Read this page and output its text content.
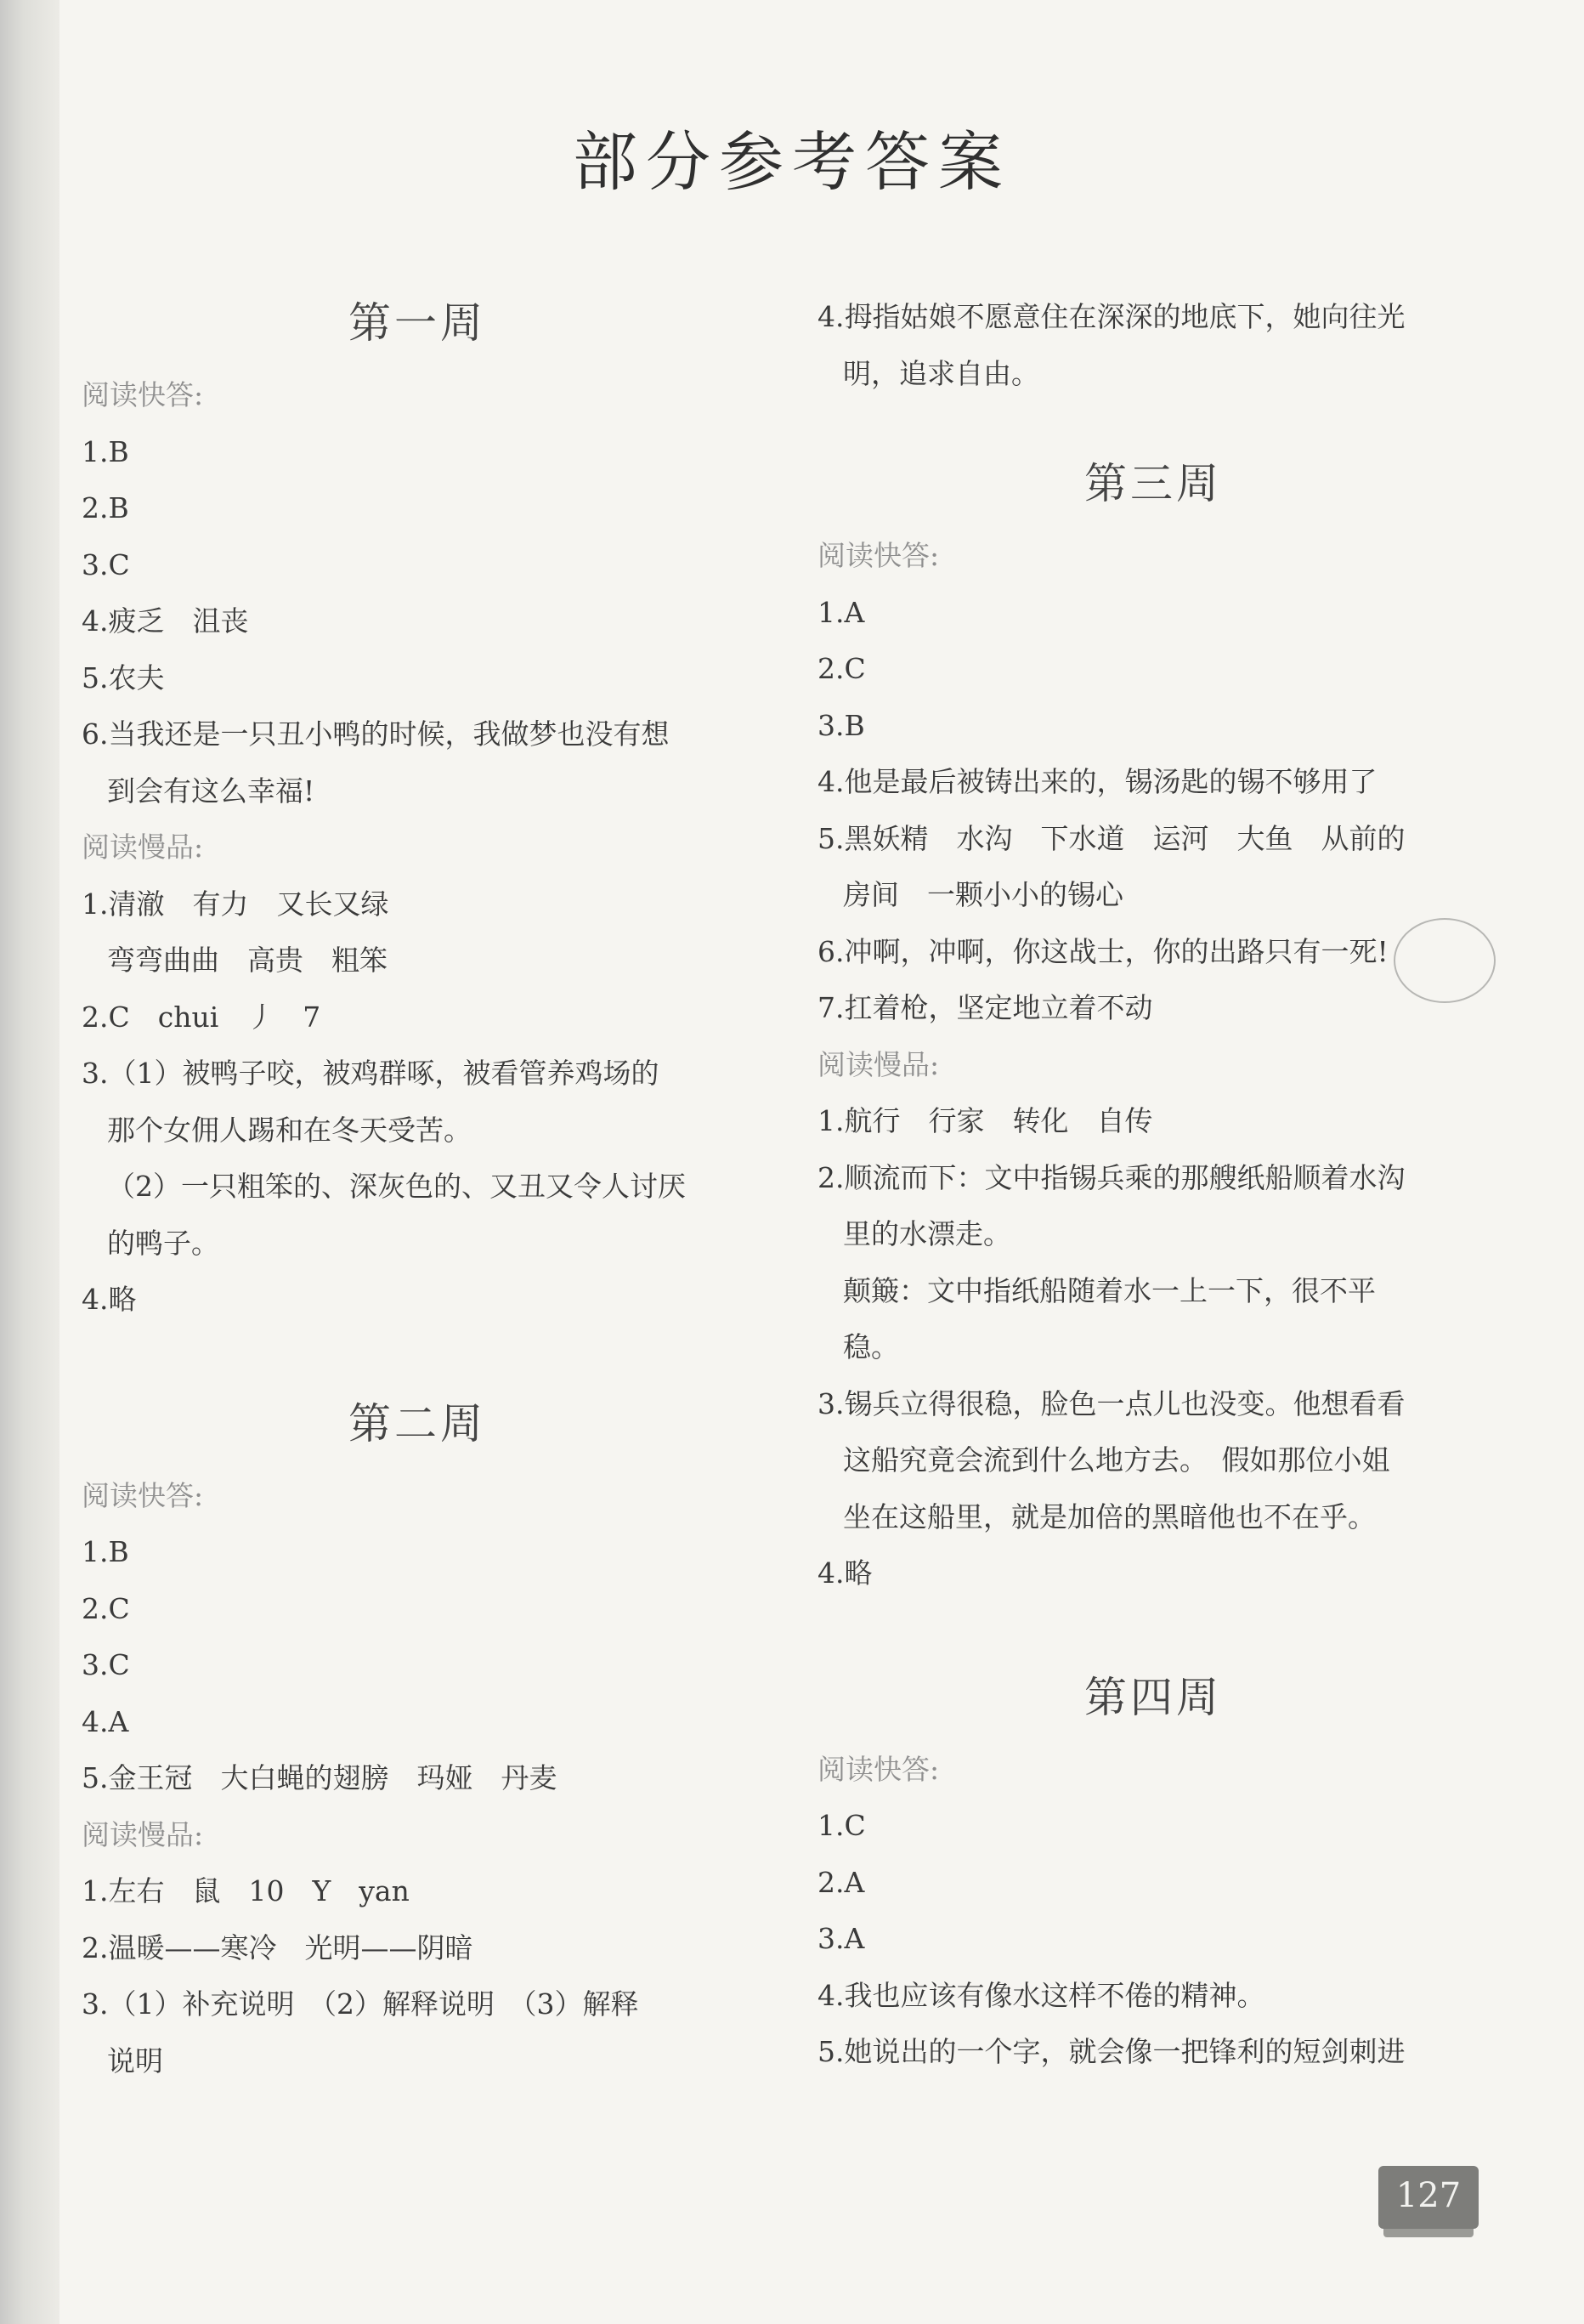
部分参考答案
第一周
阅读快答:
1.B
2.B
3.C
4.疲乏　沮丧
5.农夫
6.当我还是一只丑小鸭的时候，我做梦也没有想
到会有这么幸福!
阅读慢品:
1.清澈　有力　又长又绿
弯弯曲曲　高贵　粗笨
2.C　chui　丿　7
3.（1）被鸭子咬，被鸡群啄，被看管养鸡场的
那个女佣人踢和在冬天受苦。
（2）一只粗笨的、深灰色的、又丑又令人讨厌
的鸭子。
4.略
第二周
阅读快答:
1.B
2.C
3.C
4.A
5.金王冠　大白蝇的翅膀　玛娅　丹麦
阅读慢品:
1.左右　鼠　10　Y　yan
2.温暖——寒冷　光明——阴暗
3.（1）补充说明　（2）解释说明　（3）解释
说明
4.拇指姑娘不愿意住在深深的地底下，她向往光
明，追求自由。
第三周
阅读快答:
1.A
2.C
3.B
4.他是最后被铸出来的，锡汤匙的锡不够用了
5.黑妖精　水沟　下水道　运河　大鱼　从前的
房间　一颗小小的锡心
6.冲啊，冲啊，你这战士，你的出路只有一死!
7.扛着枪，坚定地立着不动
阅读慢品:
1.航行　行家　转化　自传
2.顺流而下：文中指锡兵乘的那艘纸船顺着水沟
里的水漂走。
颠簸：文中指纸船随着水一上一下，很不平
稳。
3.锡兵立得很稳，脸色一点儿也没变。他想看看
这船究竟会流到什么地方去。　假如那位小姐
坐在这船里，就是加倍的黑暗他也不在乎。
4.略
第四周
阅读快答:
1.C
2.A
3.A
4.我也应该有像水这样不倦的精神。
5.她说出的一个字，就会像一把锋利的短剑刺进
127
